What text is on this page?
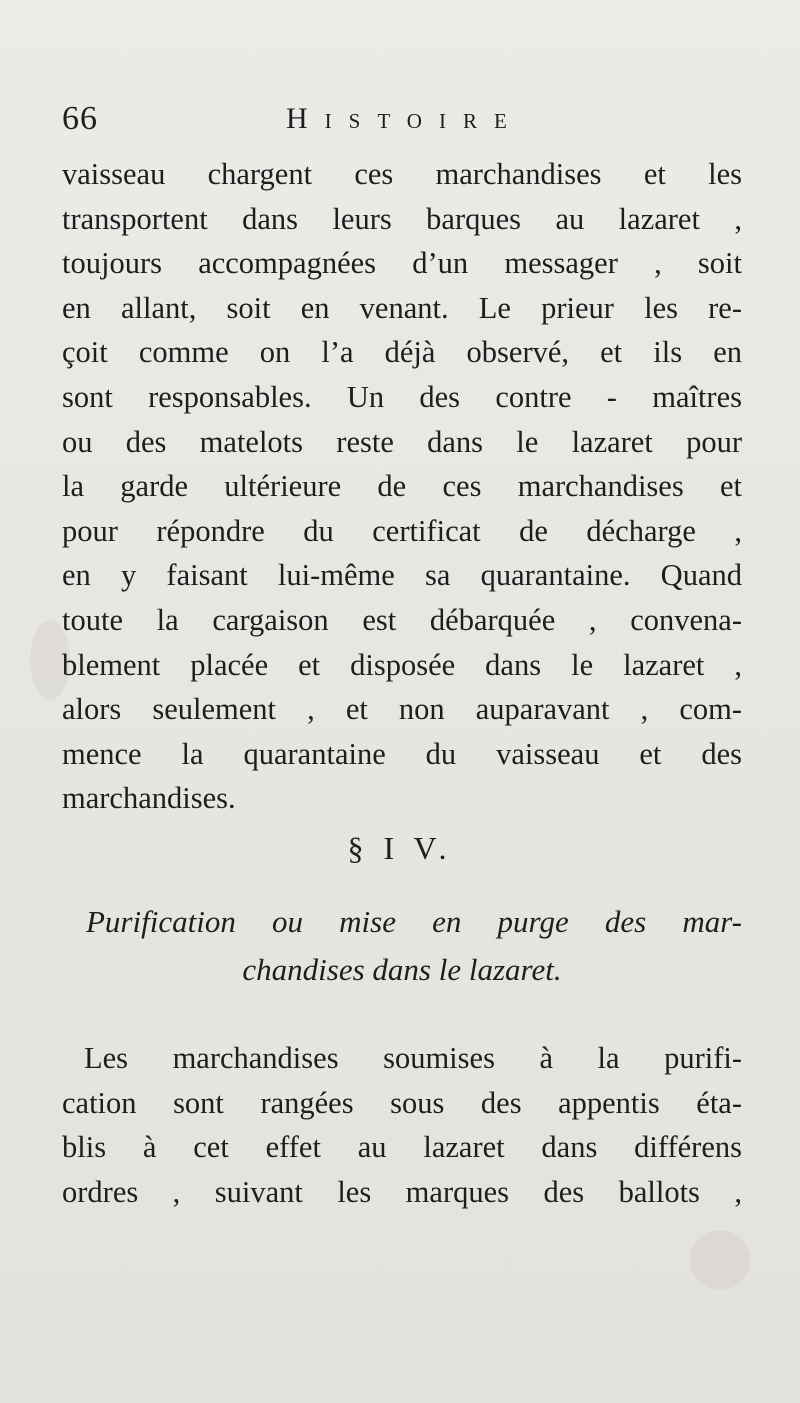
66	Histoire
vaisseau chargent ces marchandises et les
transportent dans leurs barques au lazaret ,
toujours accompagnées d’un messager , soit
en allant, soit en venant. Le prieur les re-
çoit comme on l’a déjà observé, et ils en
sont responsables. Un des contre - maîtres
ou des matelots reste dans le lazaret pour
la garde ultérieure de ces marchandises et
pour répondre du certificat de décharge ,
en y faisant lui-même sa quarantaine. Quand
toute la cargaison est débarquée , convena-
blement placée et disposée dans le lazaret ,
alors seulement , et non auparavant , com-
mence la quarantaine du vaisseau et des
marchandises.
§ I V.
Purification ou mise en purge des mar-
chandises dans le lazaret.
Les marchandises soumises à la purifi-
cation sont rangées sous des appentis éta-
blis à cet effet au lazaret dans différens
ordres , suivant les marques des ballots ,
